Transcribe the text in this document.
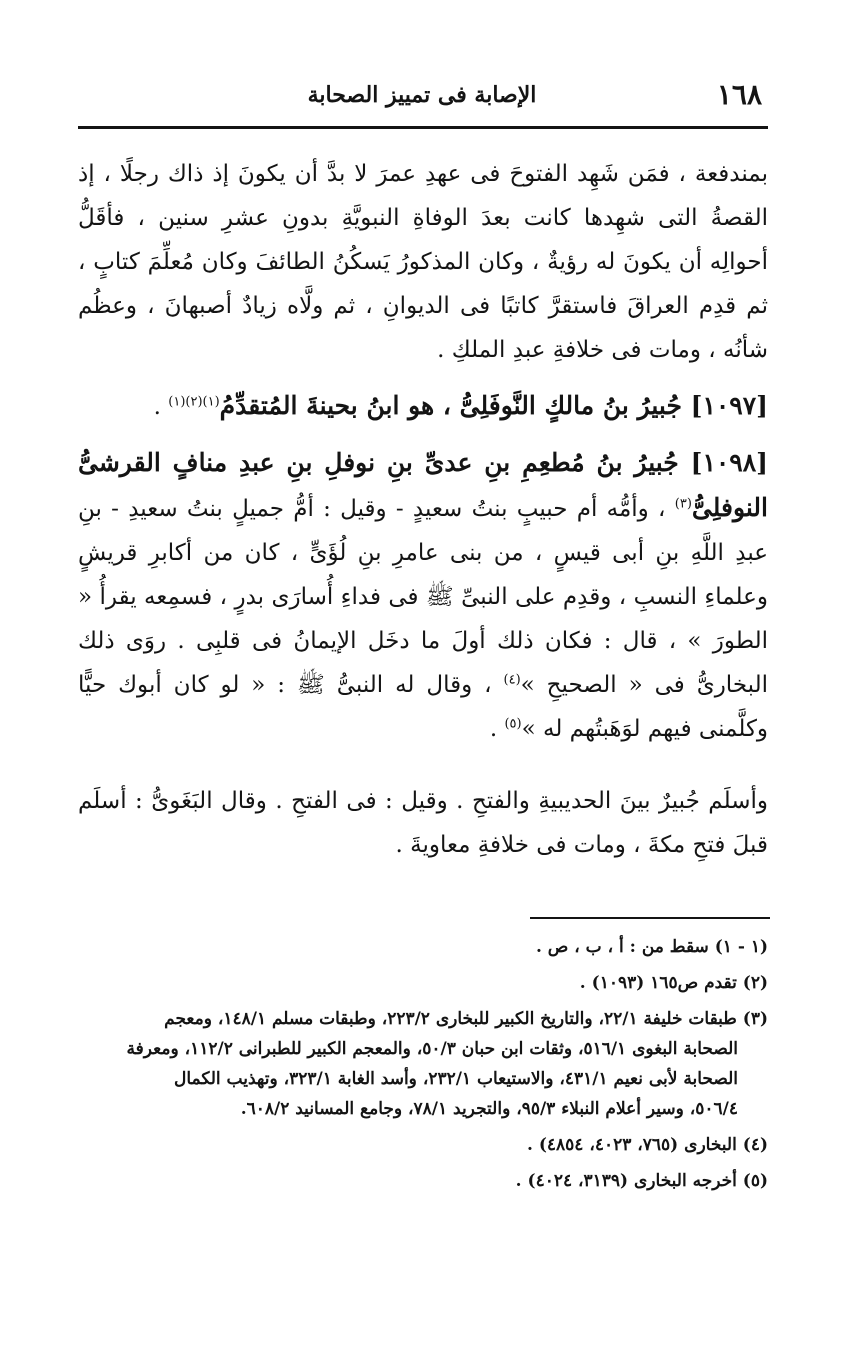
١٦٨
الإصابة فى تمييز الصحابة

بمندفعة ، فمَن شَهِد الفتوحَ فى عهدِ عمرَ لا بدَّ أن يكونَ إذ ذاك رجلًا ، إذ القصةُ التى شهِدها كانت بعدَ الوفاةِ النبويَّةِ بدونِ عشرِ سنين ، فأقَلُّ أحوالِه أن يكونَ له رؤيةٌ ، وكان المذكورُ يَسكُنُ الطائفَ وكان مُعلِّمَ كتابٍ ، ثم قدِم العراقَ فاستقرَّ كاتبًا فى الديوانِ ، ثم ولَّاه زيادٌ أصبهانَ ، وعظُم شأنُه ، ومات فى خلافةِ عبدِ الملكِ .

[١٠٩٧] جُبيرُ بنُ مالكٍ النَّوفَلِىُّ ، هو ابنُ بحينةَ المُتقدِّمُ$^{(١)(٢)(١)}$ .

[١٠٩٨] جُبيرُ بنُ مُطعِمِ بنِ عدىِّ بنِ نوفلِ بنِ عبدِ منافٍ القرشىُّ النوفلِىُّ$^{(٣)}$ ، وأمُّه أم حبيبٍ بنتُ سعيدٍ - وقيل : أمُّ جميلٍ بنتُ سعيدِ - بنِ عبدِ اللَّهِ بنِ أبى قيسٍ ، من بنى عامرِ بنِ لُؤَىٍّ ، كان من أكابرِ قريشٍ وعلماءِ النسبِ ، وقدِم على النبىِّ ﷺ فى فداءِ أُسارَى بدرٍ ، فسمِعه يقرأُ « الطورَ » ، قال : فكان ذلك أولَ ما دخَل الإيمانُ فى قلبِى . روَى ذلك البخارىُّ فى « الصحيحِ »$^{(٤)}$ ، وقال له النبىُّ ﷺ : « لو كان أبوك حيًّا وكلَّمنى فيهم لوَهَبتُهم له »$^{(٥)}$ .

وأسلَم جُبيرٌ بينَ الحديبيةِ والفتحِ . وقيل : فى الفتحِ . وقال البَغَوىُّ : أسلَم قبلَ فتحِ مكةَ ، ومات فى خلافةِ معاويةَ .

(١ - ١) سقط من : أ ، ب ، ص .

(٢) تقدم ص١٦٥ (١٠٩٣) .

(٣) طبقات خليفة ٢٢/١، والتاريخ الكبير للبخارى ٢٢٣/٢، وطبقات مسلم ١٤٨/١، ومعجم
الصحابة البغوى ٥١٦/١، وثقات ابن حبان ٥٠/٣، والمعجم الكبير للطبرانى ١١٢/٢، ومعرفة
الصحابة لأبى نعيم ٤٣١/١، والاستيعاب ٢٣٢/١، وأسد الغابة ٣٢٣/١، وتهذيب الكمال
٥٠٦/٤، وسير أعلام النبلاء ٩٥/٣، والتجريد ٧٨/١، وجامع المسانيد ٦٠٨/٢.

(٤) البخارى (٧٦٥، ٤٠٢٣، ٤٨٥٤) .

(٥) أخرجه البخارى (٣١٣٩، ٤٠٢٤) .
